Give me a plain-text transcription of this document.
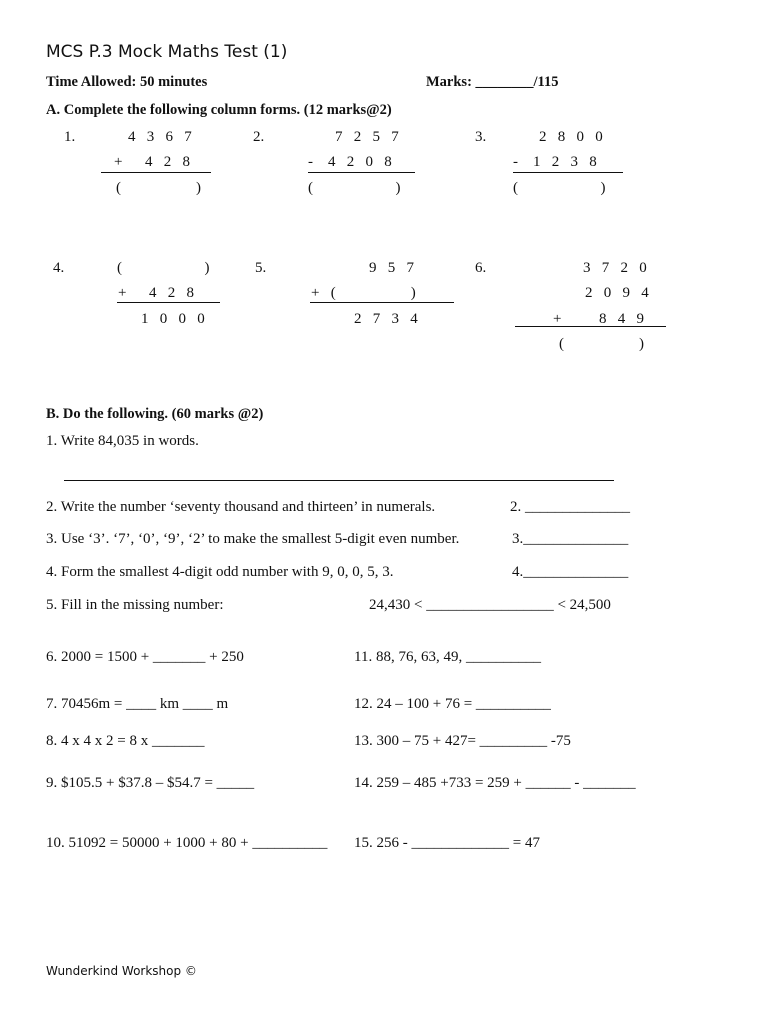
MCS P.3 Mock Maths Test (1)
Time Allowed: 50 minutes	Marks: ________/115
A. Complete the following column forms. (12 marks@2)
1.	4   3   6   7
+      4   2   8
(                    )
2.	7   2   5   7
-    4   2   0   8
(                      )
3.	2   8   0   0
-    1   2   3   8
(                      )
4.	(                      )
+      4   2   8
1   0   0   0
5.	9   5   7
+   (                    )
2   7   3   4
6.	3   7   2   0
2   0   9   4
+          8   4   9
(                    )
B. Do the following. (60 marks @2)
1. Write 84,035 in words.
2. Write the number ‘seventy thousand and thirteen’ in numerals.	2. ______________
3. Use ‘3’. ‘7’, ‘0’, ‘9’, ‘2’ to make the smallest 5-digit even number.	3.______________
4. Form the smallest 4-digit odd number with 9, 0, 0, 5, 3.	4.______________
5. Fill in the missing number:	24,430 < _________________ < 24,500
6. 2000 = 1500 + _______ + 250	11. 88, 76, 63, 49, __________
7. 70456m = ____ km ____ m	12. 24 – 100 + 76 = __________
8. 4 x 4 x 2 = 8 x _______	13. 300 – 75 + 427= _________ -75
9. $105.5 + $37.8 – $54.7 = _____	14. 259 – 485 +733 = 259 + ______ - _______
10. 51092 = 50000 + 1000 + 80 + __________ 15. 256 - _____________ = 47
Wunderkind Workshop ©
